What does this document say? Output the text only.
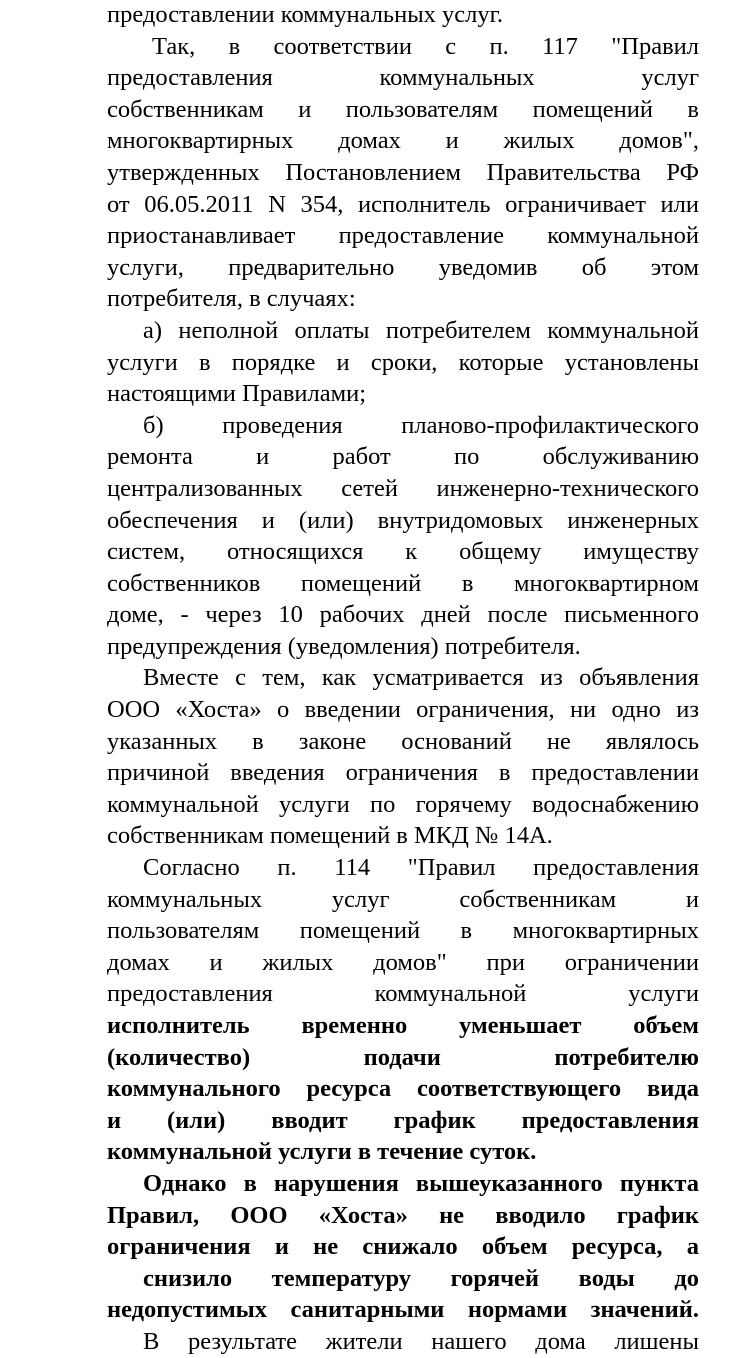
предоставлении коммунальных услуг.
Так, в соответствии с п. 117 "Правил
предоставления коммунальных услуг
собственникам и пользователям помещений в
многоквартирных домах и жилых домов",
утвержденных Постановлением Правительства РФ
от 06.05.2011 N 354, исполнитель ограничивает или
приостанавливает предоставление коммунальной
услуги, предварительно уведомив об этом
потребителя, в случаях:
а) неполной оплаты потребителем коммунальной
услуги в порядке и сроки, которые установлены
настоящими Правилами;
б) проведения планово-профилактического
ремонта и работ по обслуживанию
централизованных сетей инженерно-технического
обеспечения и (или) внутридомовых инженерных
систем, относящихся к общему имуществу
собственников помещений в многоквартирном
доме, - через 10 рабочих дней после письменного
предупреждения (уведомления) потребителя.
Вместе с тем, как усматривается из объявления
ООО «Хоста» о введении ограничения, ни одно из
указанных в законе оснований не являлось
причиной введения ограничения в предоставлении
коммунальной услуги по горячему водоснабжению
собственникам помещений в МКД № 14А.
Согласно п. 114 "Правил предоставления
коммунальных услуг собственникам и
пользователям помещений в многоквартирных
домах и жилых домов" при ограничении
предоставления коммунальной услуги
исполнитель временно уменьшает объем
(количество) подачи потребителю
коммунального ресурса соответствующего вида
и (или) вводит график предоставления
коммунальной услуги в течение суток.
Однако в нарушения вышеуказанного пункта
Правил, ООО «Хоста» не вводило график
ограничения и не снижало объем ресурса, а
снизило температуру горячей воды до
недопустимых санитарными нормами значений.
В результате жители нашего дома лишены
